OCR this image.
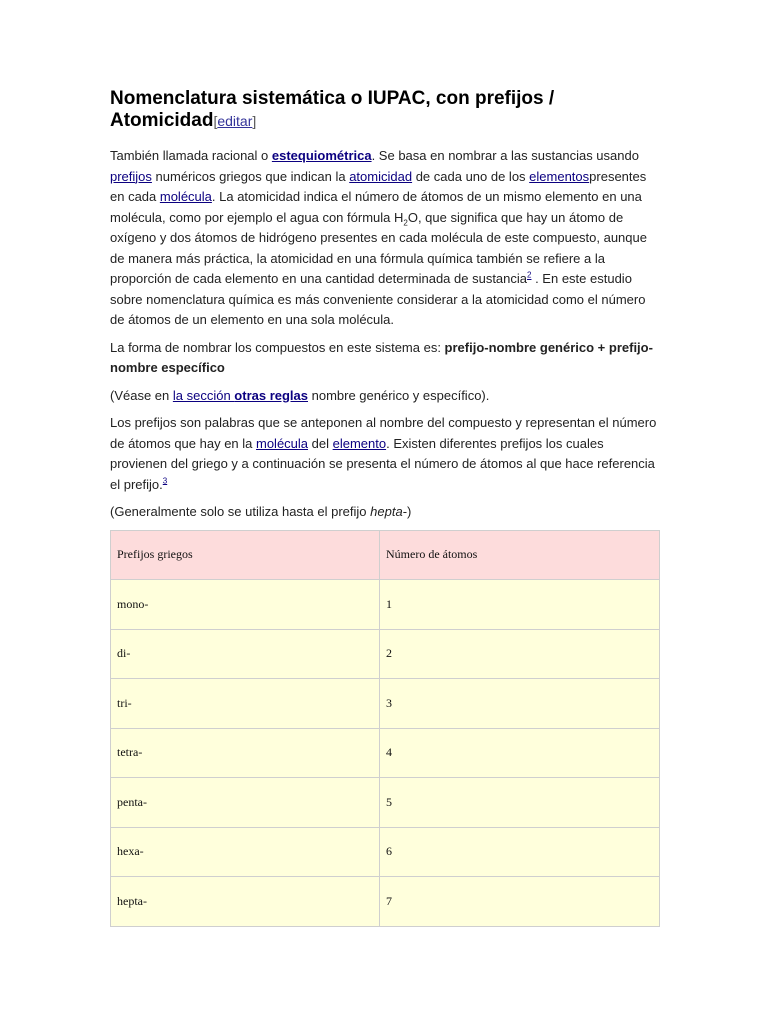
Nomenclatura sistemática o IUPAC, con prefijos / Atomicidad[editar]

También llamada racional o estequiométrica. Se basa en nombrar a las sustancias usando prefijos numéricos griegos que indican la atomicidad de cada uno de los elementospresentes en cada molécula. La atomicidad indica el número de átomos de un mismo elemento en una molécula, como por ejemplo el agua con fórmula $H_2O$, que significa que hay un átomo de oxígeno y dos átomos de hidrógeno presentes en cada molécula de este compuesto, aunque de manera más práctica, la atomicidad en una fórmula química también se refiere a la proporción de cada elemento en una cantidad determinada de sustancia$^2$ . En este estudio sobre nomenclatura química es más conveniente considerar a la atomicidad como el número de átomos de un elemento en una sola molécula.

La forma de nombrar los compuestos en este sistema es: prefijo-nombre genérico + prefijo-nombre específico

(Véase en la sección otras reglas nombre genérico y específico).

Los prefijos son palabras que se anteponen al nombre del compuesto y representan el número de átomos que hay en la molécula del elemento. Existen diferentes prefijos los cuales provienen del griego y a continuación se presenta el número de átomos al que hace referencia el prefijo.$^3$

(Generalmente solo se utiliza hasta el prefijo hepta-)

Prefijos griegos	Número de átomos
mono-	1
di-	2
tri-	3
tetra-	4
penta-	5
hexa-	6
hepta-	7
